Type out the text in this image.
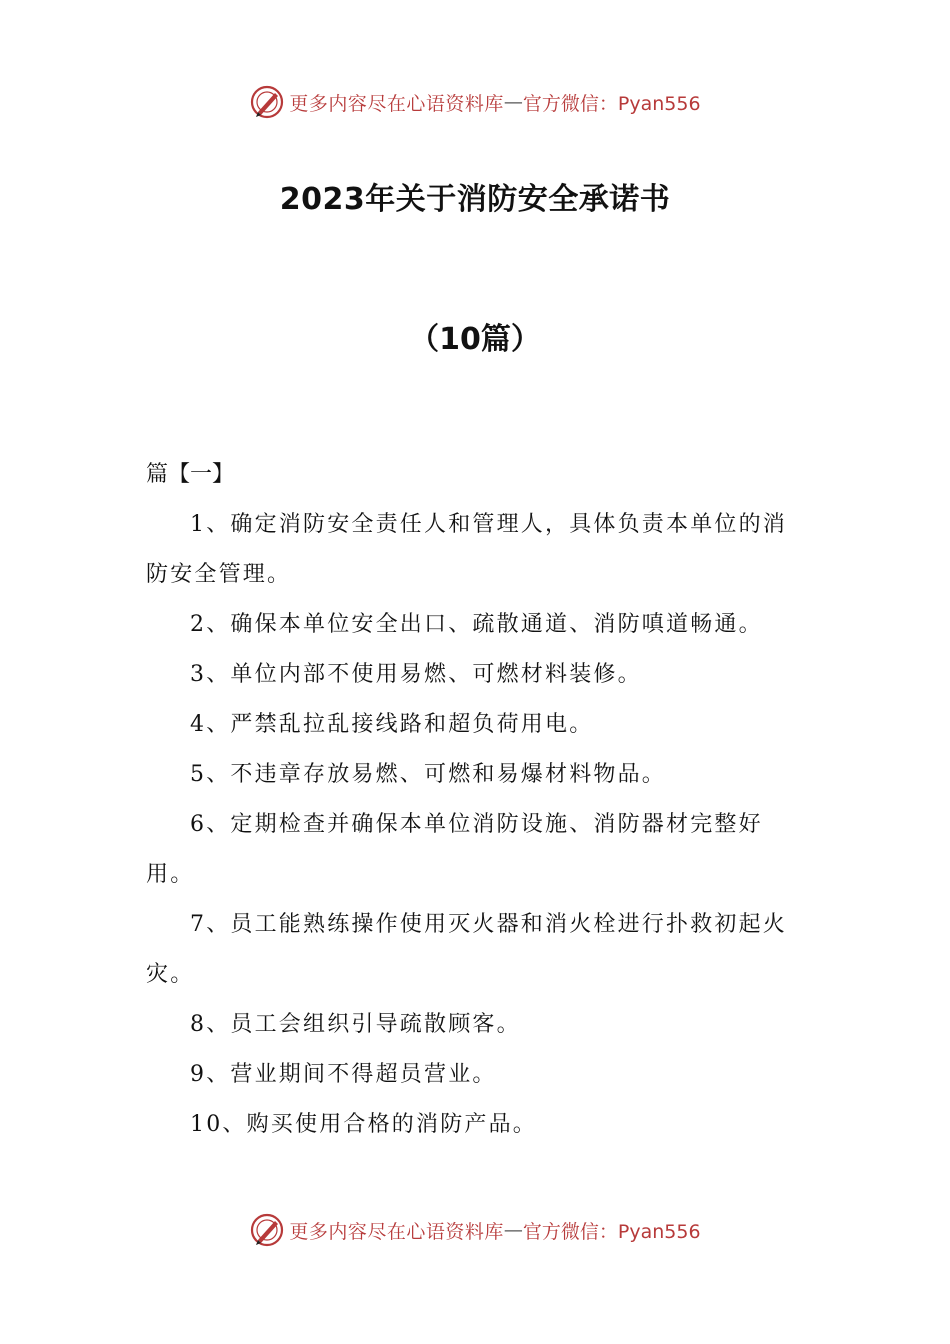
更多内容尽在心语资料库 — 官方微信：Pyan556
2023年关于消防安全承诺书
（10篇）

篇【一】

1、确定消防安全责任人和管理人，具体负责本单位的消防安全管理。

2、确保本单位安全出口、疏散通道、消防嗔道畅通。

3、单位内部不使用易燃、可燃材料装修。

4、严禁乱拉乱接线路和超负荷用电。

5、不违章存放易燃、可燃和易爆材料物品。

6、定期检查并确保本单位消防设施、消防器材完整好用。

7、员工能熟练操作使用灭火器和消火栓进行扑救初起火灾。

8、员工会组织引导疏散顾客。

9、营业期间不得超员营业。

10、购买使用合格的消防产品。

更多内容尽在心语资料库 — 官方微信：Pyan556
